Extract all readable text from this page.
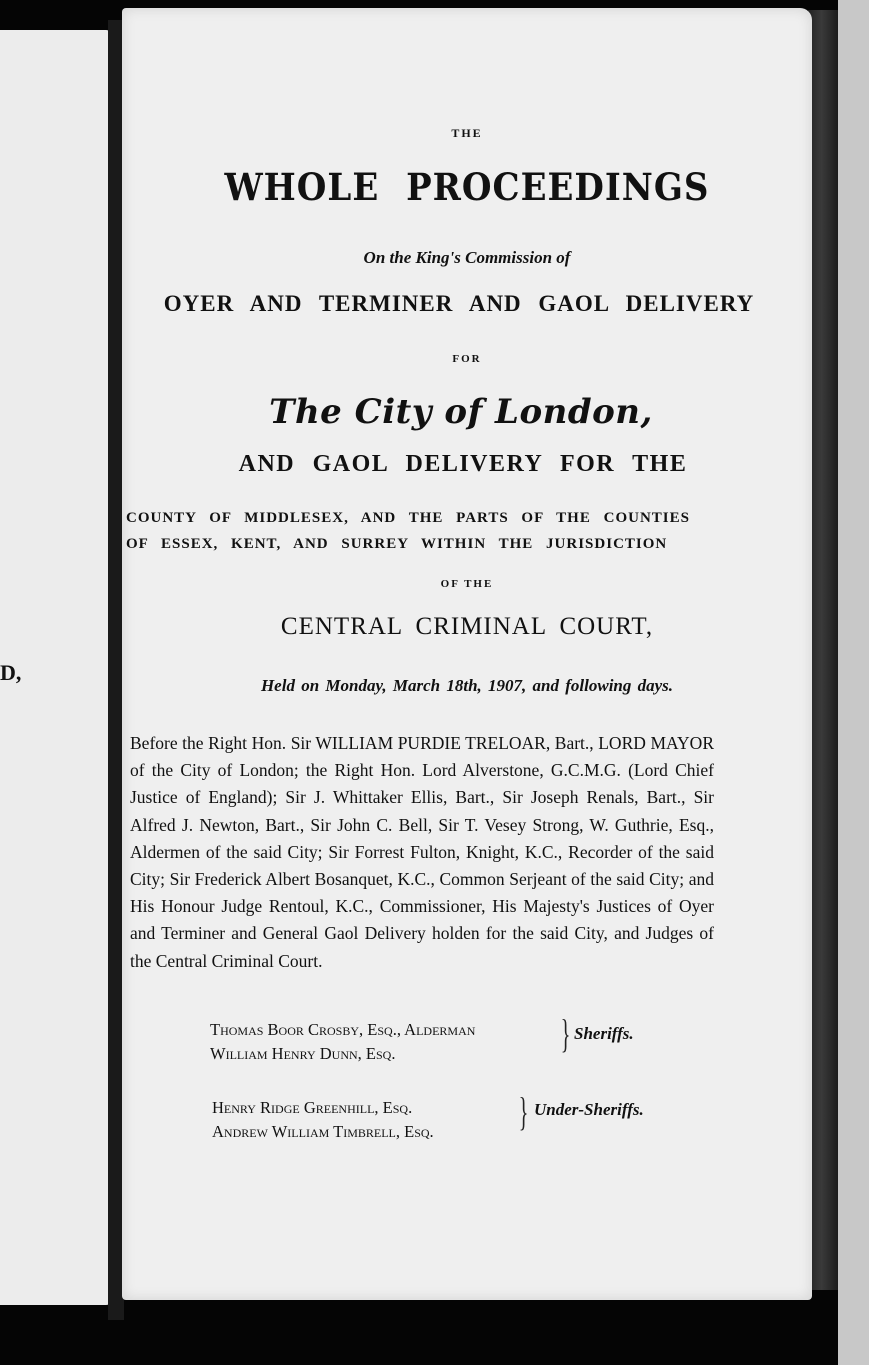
D,
THE
WHOLE PROCEEDINGS
On the King's Commission of
OYER AND TERMINER AND GAOL DELIVERY
FOR
The City of London,
AND GAOL DELIVERY FOR THE
COUNTY OF MIDDLESEX, AND THE PARTS OF THE COUNTIES
OF ESSEX, KENT, AND SURREY WITHIN THE JURISDICTION
OF THE
CENTRAL CRIMINAL COURT,
Held on Monday, March 18th, 1907, and following days.
Before the Right Hon. Sir WILLIAM PURDIE TRELOAR, Bart., LORD MAYOR of the City of London; the Right Hon. Lord Alverstone, G.C.M.G. (Lord Chief Justice of England); Sir J. Whittaker Ellis, Bart., Sir Joseph Renals, Bart., Sir Alfred J. Newton, Bart., Sir John C. Bell, Sir T. Vesey Strong, W. Guthrie, Esq., Aldermen of the said City; Sir Forrest Fulton, Knight, K.C., Recorder of the said City; Sir Frederick Albert Bosanquet, K.C., Common Serjeant of the said City; and His Honour Judge Rentoul, K.C., Commissioner, His Majesty's Justices of Oyer and Terminer and General Gaol Delivery holden for the said City, and Judges of the Central Criminal Court.
Thomas Boor Crosby, Esq., Alderman
William Henry Dunn, Esq.	} Sheriffs.
Henry Ridge Greenhill, Esq.
Andrew William Timbrell, Esq. } Under-Sheriffs.
